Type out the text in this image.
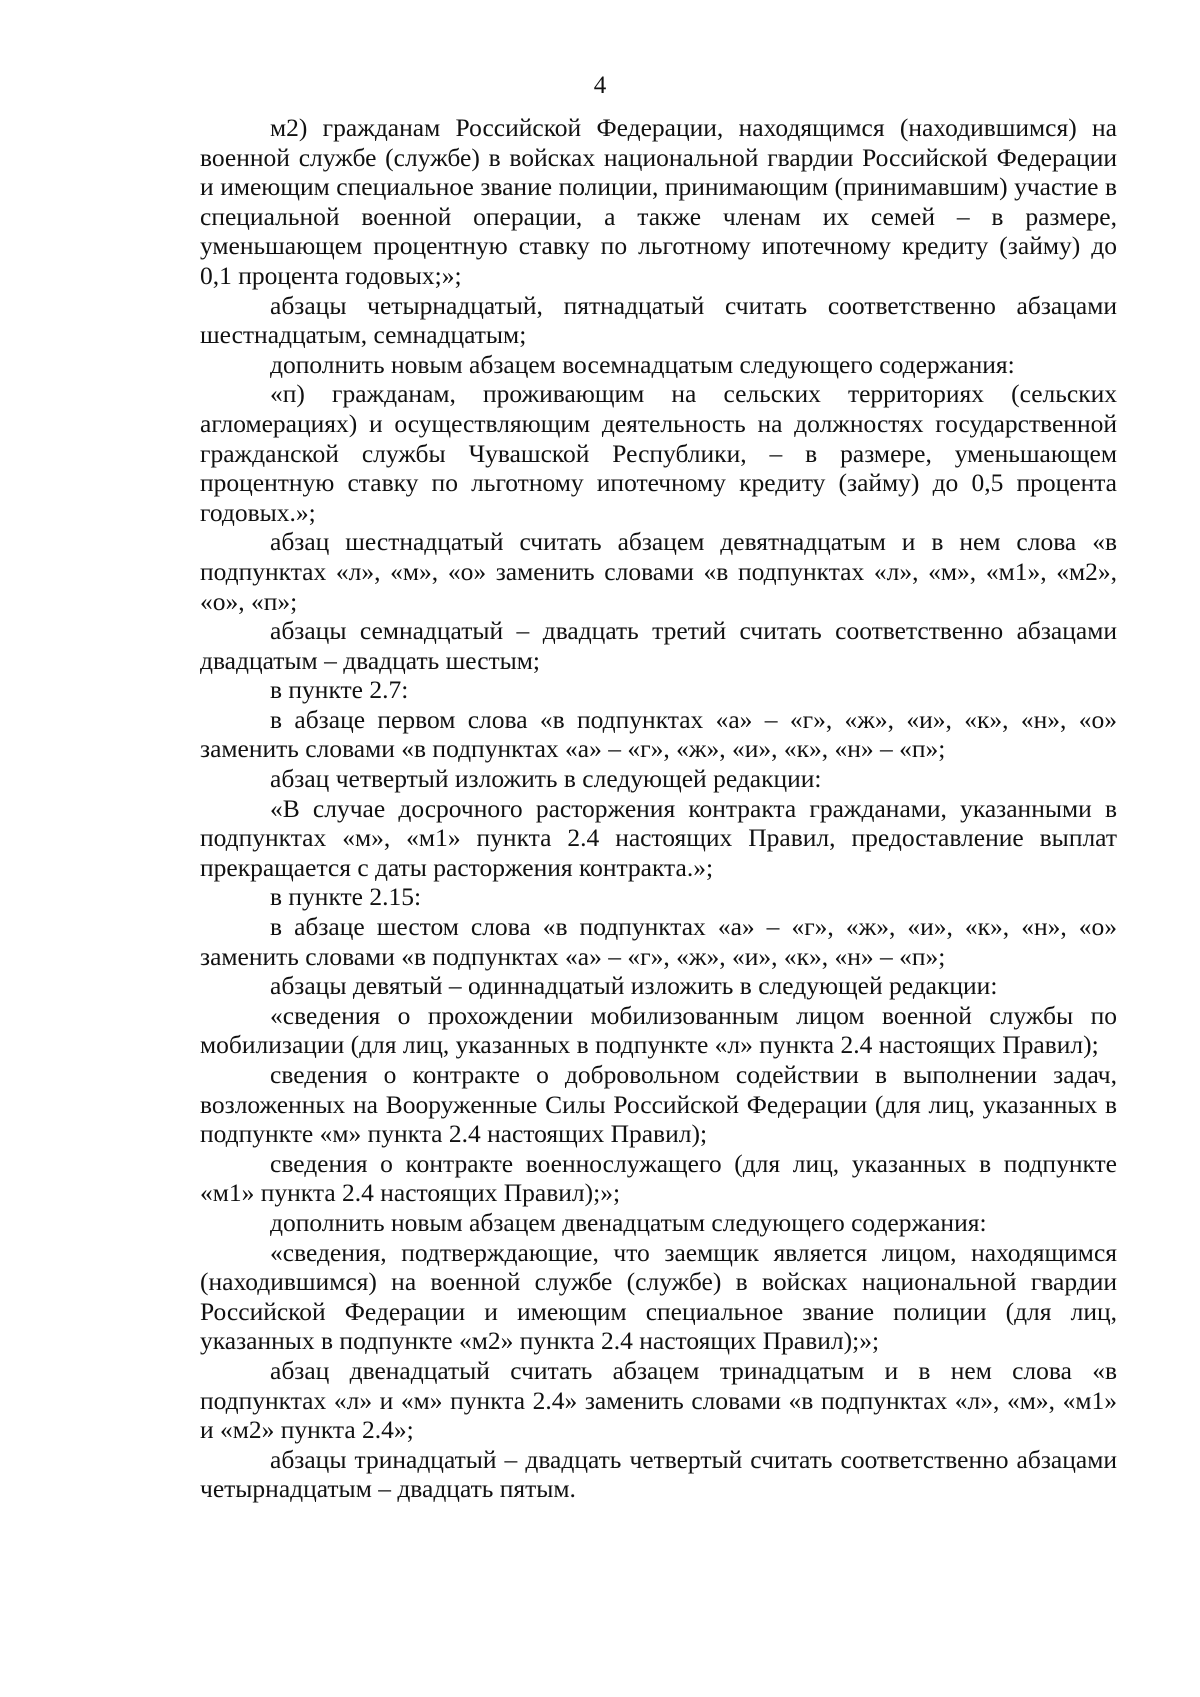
4

м2) гражданам Российской Федерации, находящимся (находившимся) на военной службе (службе) в войсках национальной гвардии Российской Федерации и имеющим специальное звание полиции, принимающим (принимавшим) участие в специальной военной операции, а также членам их семей – в размере, уменьшающем процентную ставку по льготному ипотечному кредиту (займу) до 0,1 процента годовых;»;

абзацы четырнадцатый, пятнадцатый считать соответственно абзацами шестнадцатым, семнадцатым;

дополнить новым абзацем восемнадцатым следующего содержания:

«п) гражданам, проживающим на сельских территориях (сельских агломерациях) и осуществляющим деятельность на должностях государственной гражданской службы Чувашской Республики, – в размере, уменьшающем процентную ставку по льготному ипотечному кредиту (займу) до 0,5 процента годовых.»;

абзац шестнадцатый считать абзацем девятнадцатым и в нем слова «в подпунктах «л», «м», «о» заменить словами «в подпунктах «л», «м», «м1», «м2», «о», «п»;

абзацы семнадцатый – двадцать третий считать соответственно абзацами двадцатым – двадцать шестым;

в пункте 2.7:

в абзаце первом слова «в подпунктах «а» – «г», «ж», «и», «к», «н», «о» заменить словами «в подпунктах «а» – «г», «ж», «и», «к», «н» – «п»;

абзац четвертый изложить в следующей редакции:

«В случае досрочного расторжения контракта гражданами, указанными в подпунктах «м», «м1» пункта 2.4 настоящих Правил, предоставление выплат прекращается с даты расторжения контракта.»;

в пункте 2.15:

в абзаце шестом слова «в подпунктах «а» – «г», «ж», «и», «к», «н», «о» заменить словами «в подпунктах «а» – «г», «ж», «и», «к», «н» – «п»;

абзацы девятый – одиннадцатый изложить в следующей редакции:

«сведения о прохождении мобилизованным лицом военной службы по мобилизации (для лиц, указанных в подпункте «л» пункта 2.4 настоящих Правил);

сведения о контракте о добровольном содействии в выполнении задач, возложенных на Вооруженные Силы Российской Федерации (для лиц, указанных в подпункте «м» пункта 2.4 настоящих Правил);

сведения о контракте военнослужащего (для лиц, указанных в подпункте «м1» пункта 2.4 настоящих Правил);»;

дополнить новым абзацем двенадцатым следующего содержания:

«сведения, подтверждающие, что заемщик является лицом, находящимся (находившимся) на военной службе (службе) в войсках национальной гвардии Российской Федерации и имеющим специальное звание полиции (для лиц, указанных в подпункте «м2» пункта 2.4 настоящих Правил);»;

абзац двенадцатый считать абзацем тринадцатым и в нем слова «в подпунктах «л» и «м» пункта 2.4» заменить словами «в подпунктах «л», «м», «м1» и «м2» пункта 2.4»;

абзацы тринадцатый – двадцать четвертый считать соответственно абзацами четырнадцатым – двадцать пятым.
